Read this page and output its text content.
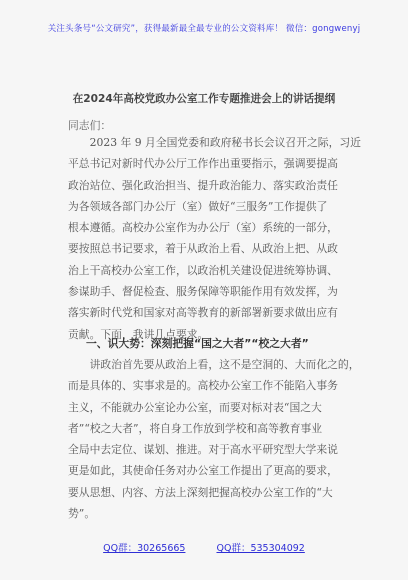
关注头条号“公文研究”，获得最新最全最专业的公文资料库！ 微信：gongwenyj
在2024年高校党政办公室工作专题推进会上的讲话提纲
同志们：
　　2023 年 9 月全国党委和政府秘书长会议召开之际，习近
平总书记对新时代办公厅工作作出重要指示，强调要提高
政治站位、强化政治担当、提升政治能力、落实政治责任
为各领域各部门办公厅（室）做好“三服务”工作提供了
根本遵循。高校办公室作为办公厅（室）系统的一部分，
要按照总书记要求，着于从政治上看、从政治上把、从政
治上干高校办公室工作，以政治机关建设促进统筹协调、
参谋助手、督促检查、服务保障等职能作用有效发挥，为
落实新时代党和国家对高等教育的新部署新要求做出应有
贡献。下面，我讲几点要求。
一、识大势：深刻把握“国之大者”“校之大者”
　　讲政治首先要从政治上看，这不是空洞的、大而化之的，
而是具体的、实事求是的。高校办公室工作不能陷入事务
主义，不能就办公室论办公室，而要对标对表“国之大
者”“校之大者”，将自身工作放到学校和高等教育事业
全局中去定位、谋划、推进。对于高水平研究型大学来说
更是如此，其使命任务对办公室工作提出了更高的要求，
要从思想、内容、方法上深刻把握高校办公室工作的“大
势”。
QQ群：30265665	QQ群：535304092
